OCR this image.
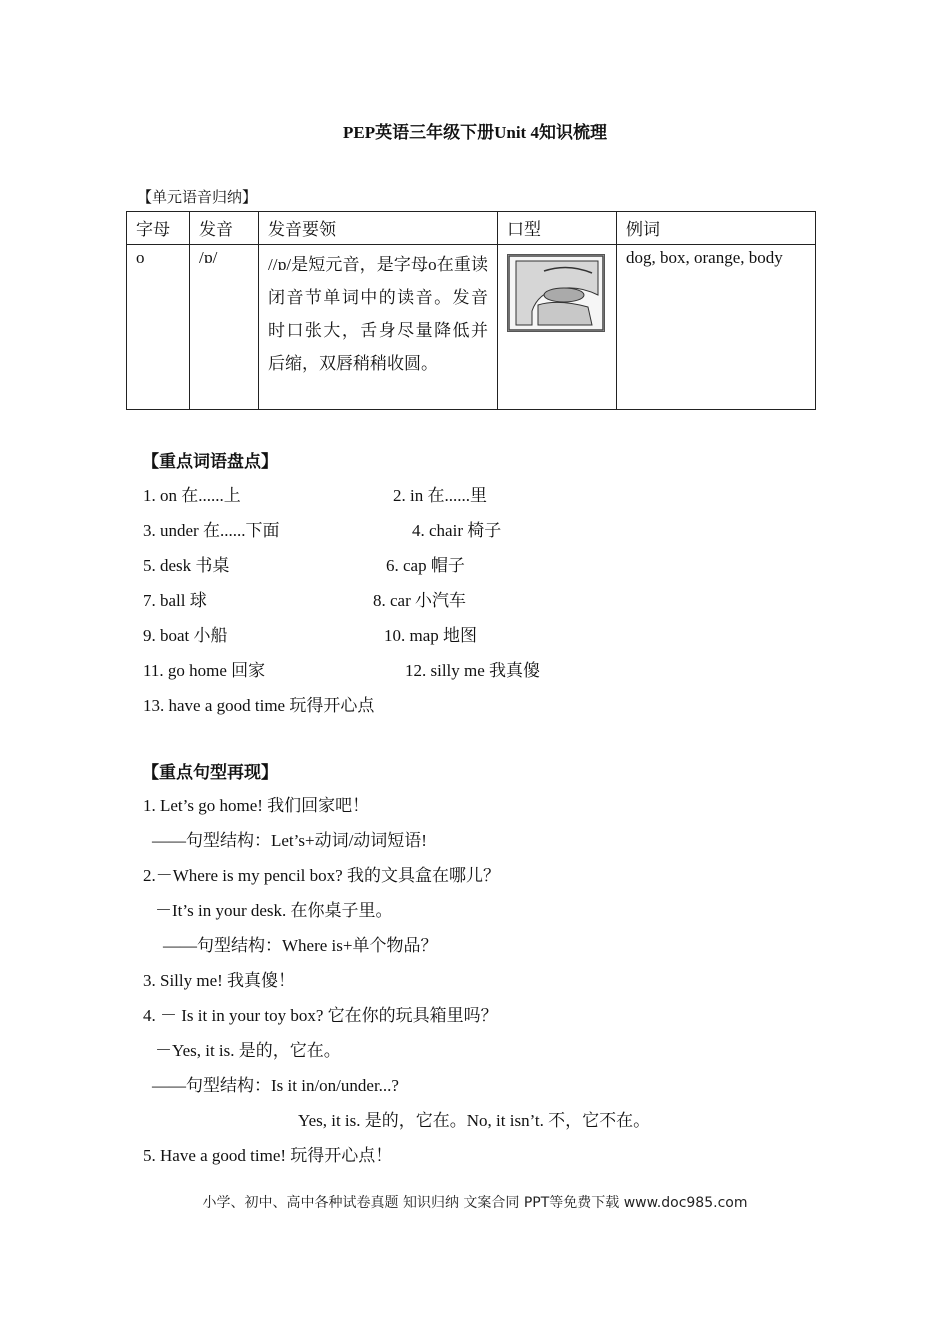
PEP英语三年级下册Unit 4知识梳理
【单元语音归纳】
字母	发音	发音要领	口型	例词
o	/ɒ/	//ɒ/是短元音，是字母o在重读闭音节单词中的读音。发音时口张大，舌身尽量降低并后缩，双唇稍稍收圆。		dog, box, orange, body
【重点词语盘点】
1. on 在......上	2. in 在......里
3. under 在......下面	4. chair 椅子
5. desk 书桌	6. cap 帽子
7. ball 球	8. car 小汽车
9. boat 小船	10. map 地图
11. go home 回家	12. silly me 我真傻
13. have a good time 玩得开心点
【重点句型再现】
1. Let’s go home! 我们回家吧！
——句型结构：Let’s+动词/动词短语!
2.－Where is my pencil box? 我的文具盒在哪儿？
－It’s in your desk. 在你桌子里。
——句型结构：Where is+单个物品？
3. Silly me! 我真傻！
4. － Is it in your toy box? 它在你的玩具箱里吗？
－Yes, it is. 是的，它在。
——句型结构：Is it in/on/under...?
Yes, it is. 是的，它在。No, it isn’t. 不，它不在。
5. Have a good time! 玩得开心点！
小学、初中、高中各种试卷真题 知识归纳 文案合同 PPT等免费下载 www.doc985.com
